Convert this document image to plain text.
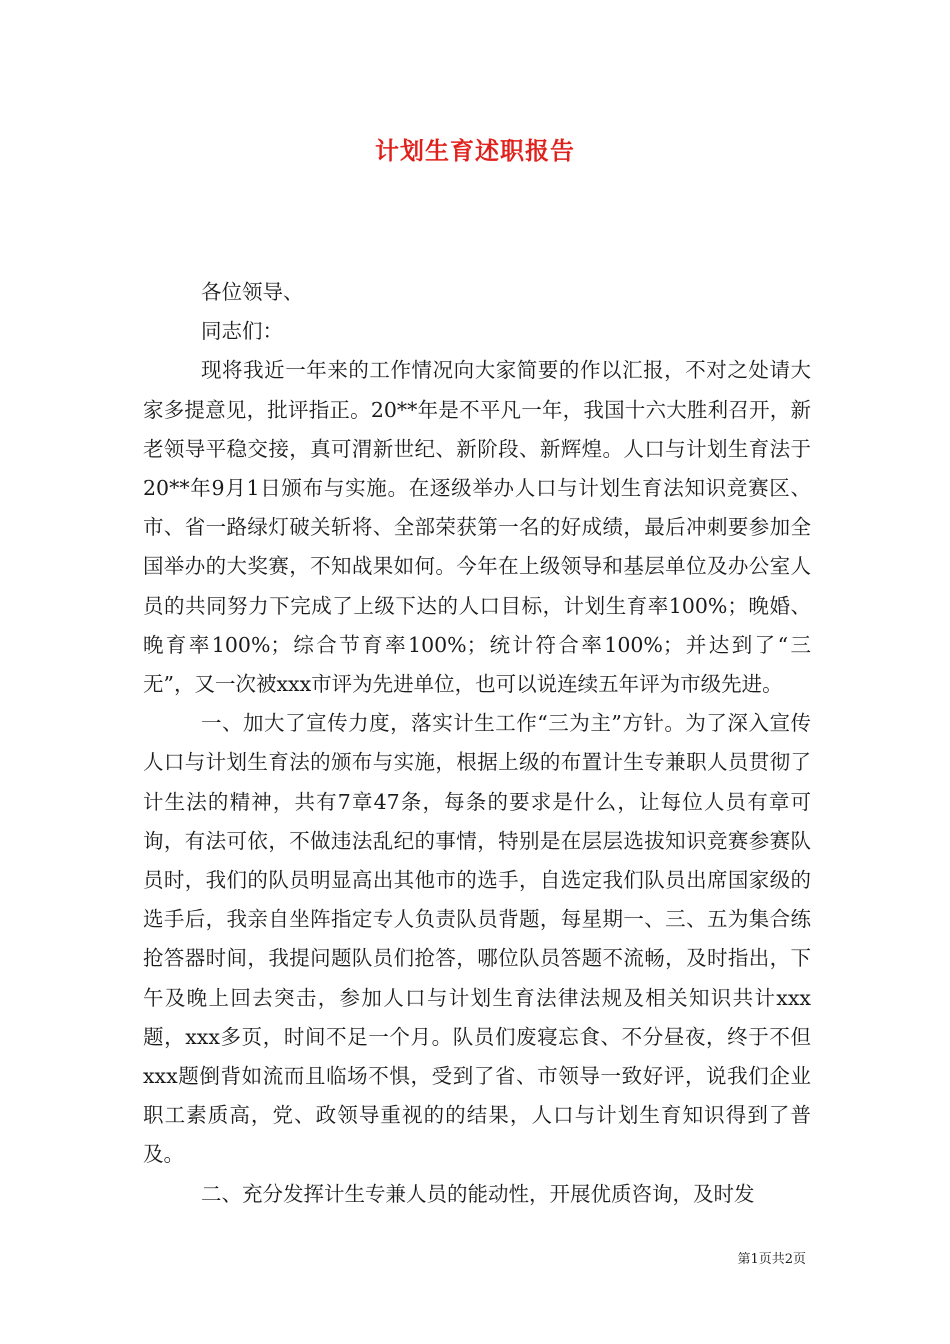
计划生育述职报告

各位领导、

同志们：

现将我近一年来的工作情况向大家简要的作以汇报，不对之处请大家多提意见，批评指正。20**年是不平凡一年，我国十六大胜利召开，新老领导平稳交接，真可渭新世纪、新阶段、新辉煌。人口与计划生育法于20**年9月1日颁布与实施。在逐级举办人口与计划生育法知识竞赛区、市、省一路绿灯破关斩将、全部荣获第一名的好成绩，最后冲刺要参加全国举办的大奖赛，不知战果如何。今年在上级领导和基层单位及办公室人员的共同努力下完成了上级下达的人口目标，计划生育率100%；晚婚、晚育率100%；综合节育率100%；统计符合率100%；并达到了“三无”，又一次被xxx市评为先进单位，也可以说连续五年评为市级先进。

一、加大了宣传力度，落实计生工作“三为主”方针。为了深入宣传人口与计划生育法的颁布与实施，根据上级的布置计生专兼职人员贯彻了计生法的精神，共有7章47条，每条的要求是什么，让每位人员有章可询，有法可依，不做违法乱纪的事情，特别是在层层选拔知识竞赛参赛队员时，我们的队员明显高出其他市的选手，自选定我们队员出席国家级的选手后，我亲自坐阵指定专人负责队员背题，每星期一、三、五为集合练抢答器时间，我提问题队员们抢答，哪位队员答题不流畅，及时指出，下午及晚上回去突击，参加人口与计划生育法律法规及相关知识共计xxx题，xxx多页，时间不足一个月。队员们废寝忘食、不分昼夜，终于不但xxx题倒背如流而且临场不惧，受到了省、市领导一致好评，说我们企业职工素质高，党、政领导重视的的结果，人口与计划生育知识得到了普及。

二、充分发挥计生专兼人员的能动性，开展优质咨询，及时发

第1页共2页
